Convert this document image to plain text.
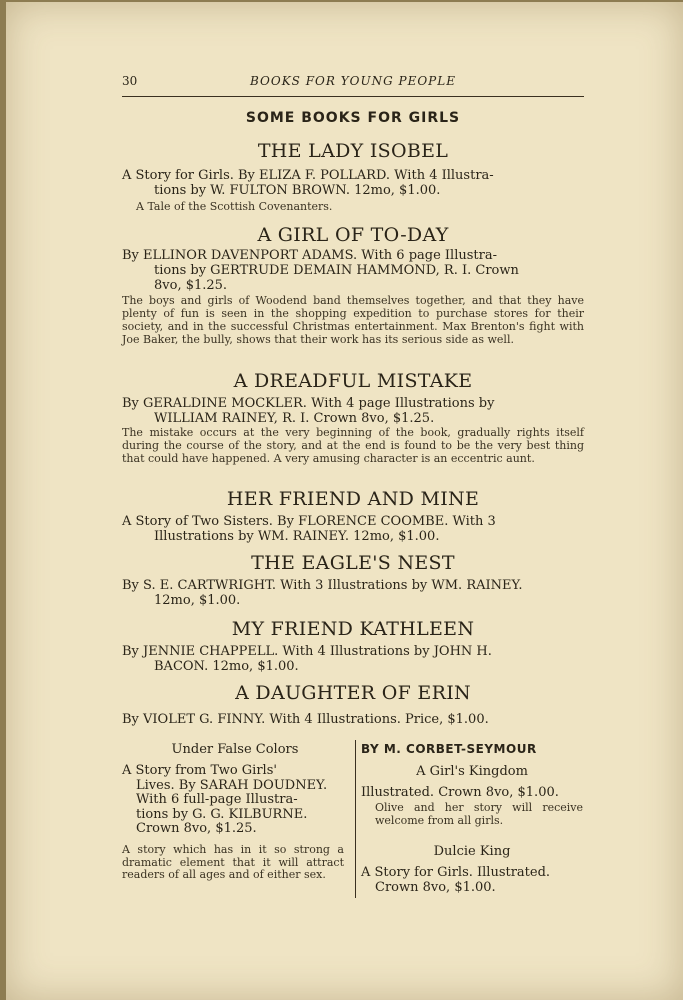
30	BOOKS FOR YOUNG PEOPLE
SOME BOOKS FOR GIRLS
THE LADY ISOBEL
A Story for Girls. By ELIZA F. POLLARD. With 4 Illustra-
tions by W. FULTON BROWN. 12mo, $1.00.
A Tale of the Scottish Covenanters.
A GIRL OF TO-DAY
By ELLINOR DAVENPORT ADAMS. With 6 page Illustra-
tions by GERTRUDE DEMAIN HAMMOND, R. I. Crown
8vo, $1.25.
The boys and girls of Woodend band themselves together, and that they have plenty of fun is seen in the shopping expedition to purchase stores for their society, and in the successful Christmas entertainment. Max Brenton's fight with Joe Baker, the bully, shows that their work has its serious side as well.
A DREADFUL MISTAKE
By GERALDINE MOCKLER. With 4 page Illustrations by
WILLIAM RAINEY, R. I. Crown 8vo, $1.25.
The mistake occurs at the very beginning of the book, gradually rights itself during the course of the story, and at the end is found to be the very best thing that could have happened. A very amusing character is an eccentric aunt.
HER FRIEND AND MINE
A Story of Two Sisters. By FLORENCE COOMBE. With 3
Illustrations by WM. RAINEY. 12mo, $1.00.
THE EAGLE'S NEST
By S. E. CARTWRIGHT. With 3 Illustrations by WM. RAINEY.
12mo, $1.00.
MY FRIEND KATHLEEN
By JENNIE CHAPPELL. With 4 Illustrations by JOHN H.
BACON. 12mo, $1.00.
A DAUGHTER OF ERIN
By VIOLET G. FINNY. With 4 Illustrations. Price, $1.00.
Under False Colors
A Story from Two Girls'
Lives. By SARAH DOUDNEY.
With 6 full-page Illustra-
tions by G. G. KILBURNE.
Crown 8vo, $1.25.
A story which has in it so strong a dramatic element that it will attract readers of all ages and of either sex.
BY M. CORBET-SEYMOUR
A Girl's Kingdom
Illustrated. Crown 8vo, $1.00.
Olive and her story will receive welcome from all girls.
Dulcie King
A Story for Girls. Illustrated.
Crown 8vo, $1.00.
